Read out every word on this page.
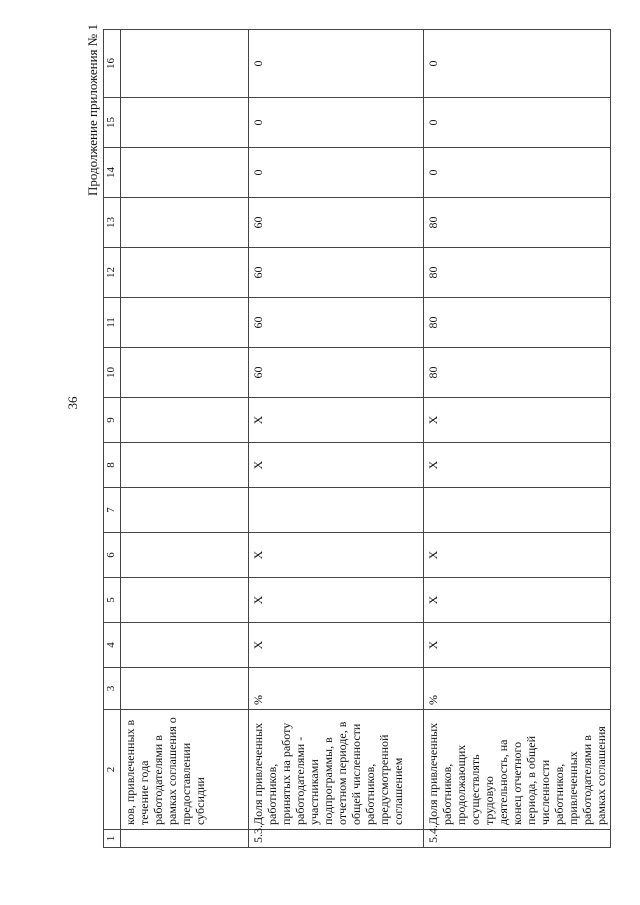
36
Продолжение приложения № 1
1	2	3	4	5	6	7	8	9	10	11	12	13	14	15	16
	ков, привлеченных в течение года работодателями в рамках соглашения о предоставлении субсидии														
5.3.	Доля привлеченных работников, принятых на работу работодателями - участниками подпрограммы, в отчетном периоде, в общей численности работников, предусмотренной соглашением	%	X	X	X		X	X	60	60	60	60	0	0	0
5.4.	Доля привлеченных работников, продолжающих осуществлять трудовую деятельность, на конец отчетного периода, в общей численности работников, привлеченных работодателями в рамках соглашения	%	X	X	X		X	X	80	80	80	80	0	0	0
